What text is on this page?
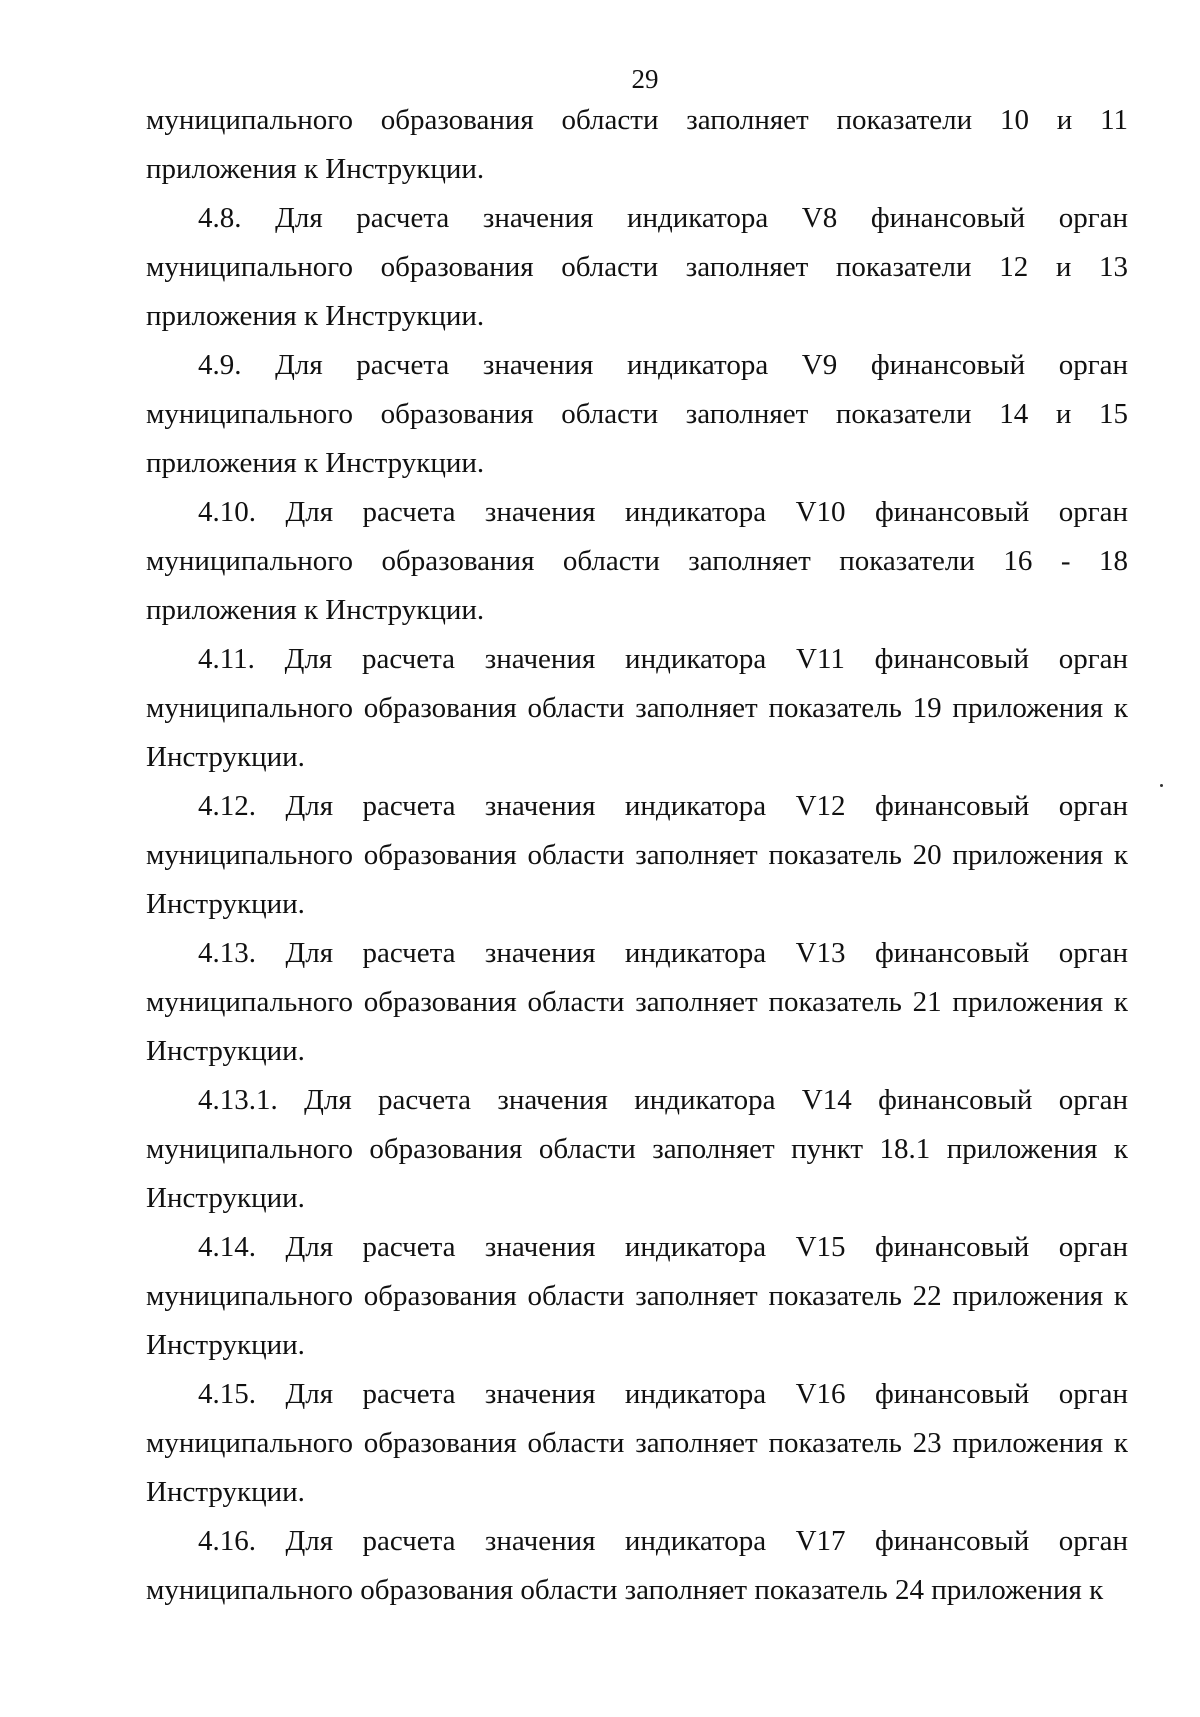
29

муниципального образования области заполняет показатели 10 и 11 приложения к Инструкции.

4.8. Для расчета значения индикатора V8 финансовый орган муниципального образования области заполняет показатели 12 и 13 приложения к Инструкции.

4.9. Для расчета значения индикатора V9 финансовый орган муниципального образования области заполняет показатели 14 и 15 приложения к Инструкции.

4.10. Для расчета значения индикатора V10 финансовый орган муниципального образования области заполняет показатели 16 - 18 приложения к Инструкции.

4.11. Для расчета значения индикатора V11 финансовый орган муниципального образования области заполняет показатель 19 приложения к Инструкции.

4.12. Для расчета значения индикатора V12 финансовый орган муниципального образования области заполняет показатель 20 приложения к Инструкции.

4.13. Для расчета значения индикатора V13 финансовый орган муниципального образования области заполняет показатель 21 приложения к Инструкции.

4.13.1. Для расчета значения индикатора V14 финансовый орган муниципального образования области заполняет пункт 18.1 приложения к Инструкции.

4.14. Для расчета значения индикатора V15 финансовый орган муниципального образования области заполняет показатель 22 приложения к Инструкции.

4.15. Для расчета значения индикатора V16 финансовый орган муниципального образования области заполняет показатель 23 приложения к Инструкции.

4.16. Для расчета значения индикатора V17 финансовый орган муниципального образования области заполняет показатель 24 приложения к
